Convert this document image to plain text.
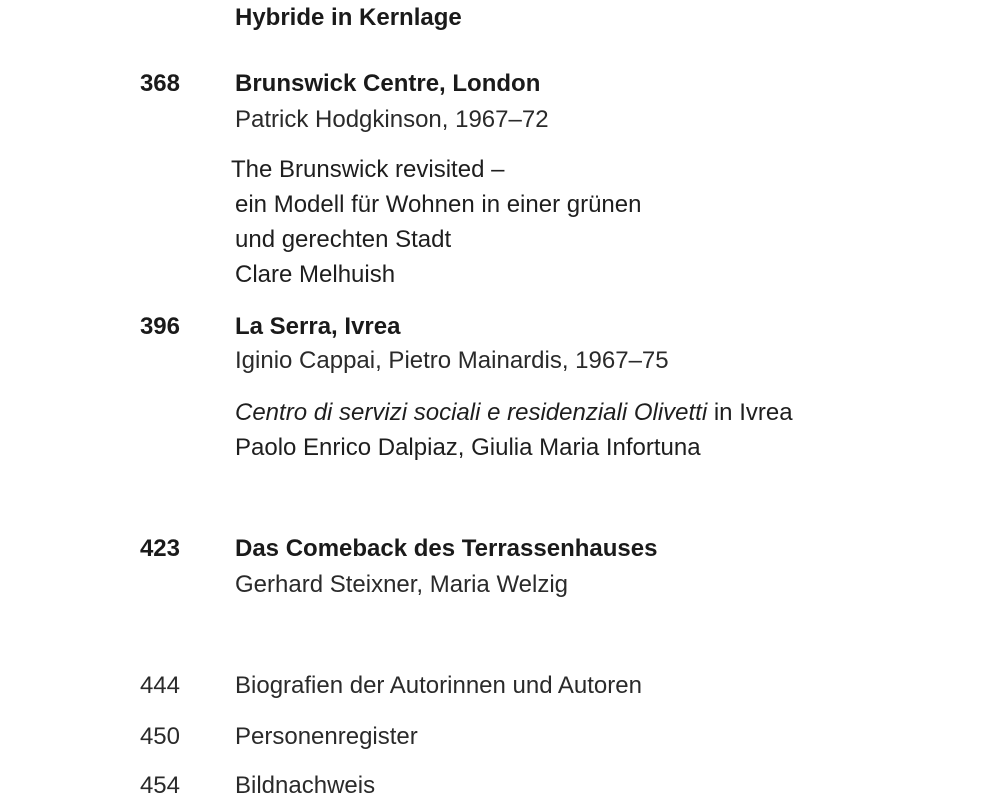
Hybride in Kernlage
368 Brunswick Centre, London
Patrick Hodgkinson, 1967–72
The Brunswick revisited –
ein Modell für Wohnen in einer grünen
und gerechten Stadt
Clare Melhuish
396 La Serra, Ivrea
Iginio Cappai, Pietro Mainardis, 1967–75
Centro di servizi sociali e residenziali Olivetti in Ivrea
Paolo Enrico Dalpiaz, Giulia Maria Infortuna
423 Das Comeback des Terrassenhauses
Gerhard Steixner, Maria Welzig
444 Biografien der Autorinnen und Autoren
450 Personenregister
454 Bildnachweis
